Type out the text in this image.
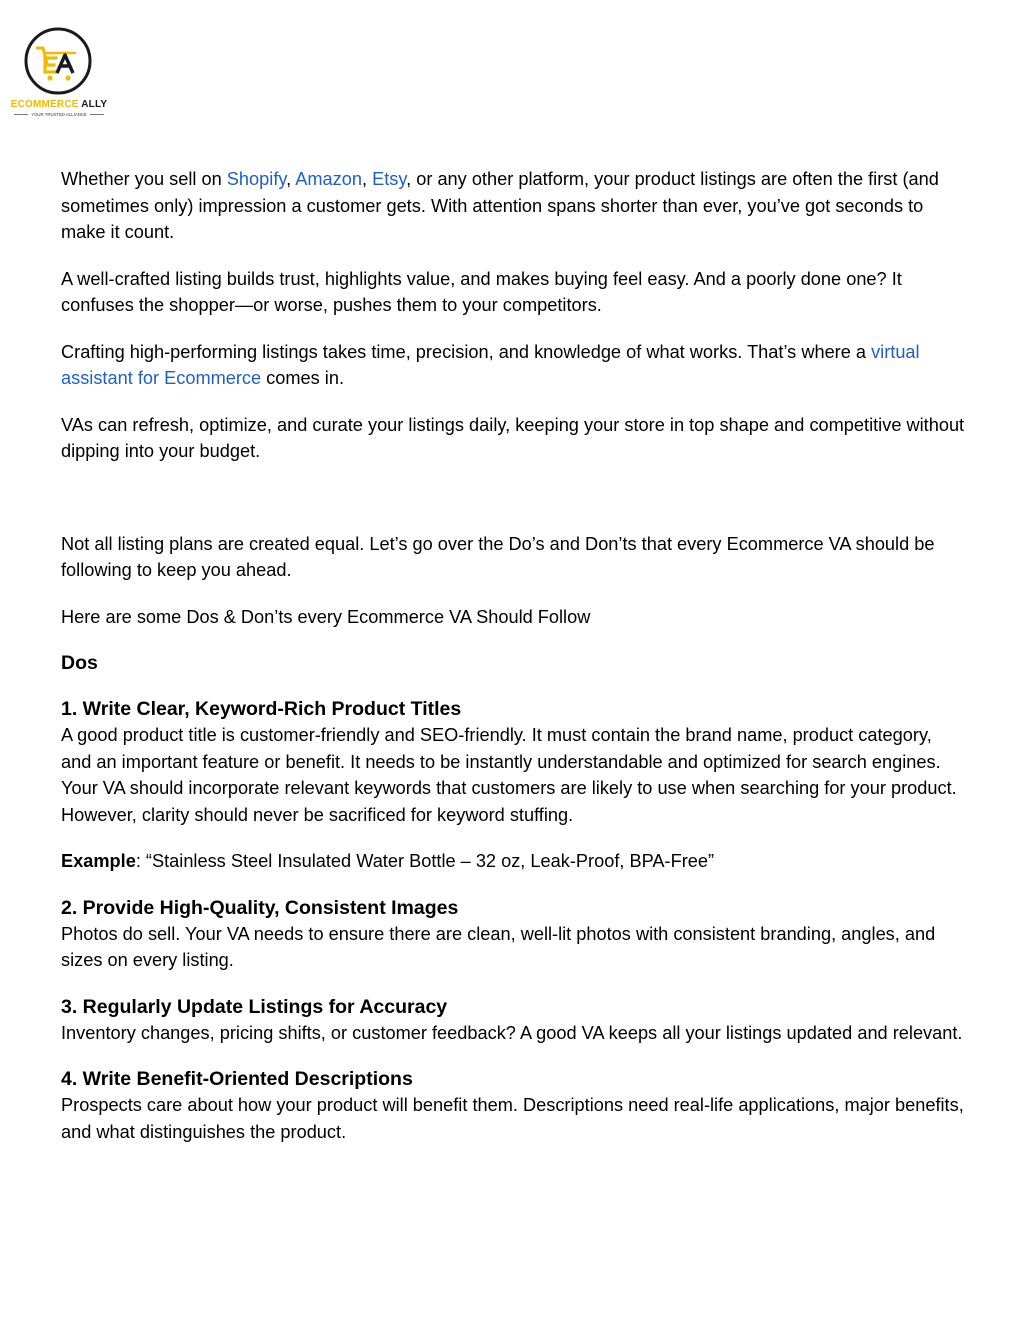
ECOMMERCE ALLY
YOUR TRUSTED ALLIANCE

Whether you sell on Shopify, Amazon, Etsy, or any other platform, your product listings are often the first (and sometimes only) impression a customer gets. With attention spans shorter than ever, you’ve got seconds to make it count.

A well-crafted listing builds trust, highlights value, and makes buying feel easy. And a poorly done one? It confuses the shopper—or worse, pushes them to your competitors.

Crafting high-performing listings takes time, precision, and knowledge of what works. That’s where a virtual assistant for Ecommerce comes in.

VAs can refresh, optimize, and curate your listings daily, keeping your store in top shape and competitive without dipping into your budget.

Not all listing plans are created equal. Let’s go over the Do’s and Don’ts that every Ecommerce VA should be following to keep you ahead.

Here are some Dos & Don’ts every Ecommerce VA Should Follow

Dos
1. Write Clear, Keyword-Rich Product Titles

A good product title is customer-friendly and SEO-friendly. It must contain the brand name, product category, and an important feature or benefit. It needs to be instantly understandable and optimized for search engines. Your VA should incorporate relevant keywords that customers are likely to use when searching for your product. However, clarity should never be sacrificed for keyword stuffing.

Example: “Stainless Steel Insulated Water Bottle – 32 oz, Leak-Proof, BPA-Free”

2. Provide High-Quality, Consistent Images

Photos do sell. Your VA needs to ensure there are clean, well-lit photos with consistent branding, angles, and sizes on every listing.

3. Regularly Update Listings for Accuracy

Inventory changes, pricing shifts, or customer feedback? A good VA keeps all your listings updated and relevant.

4. Write Benefit-Oriented Descriptions

Prospects care about how your product will benefit them. Descriptions need real-life applications, major benefits, and what distinguishes the product.
